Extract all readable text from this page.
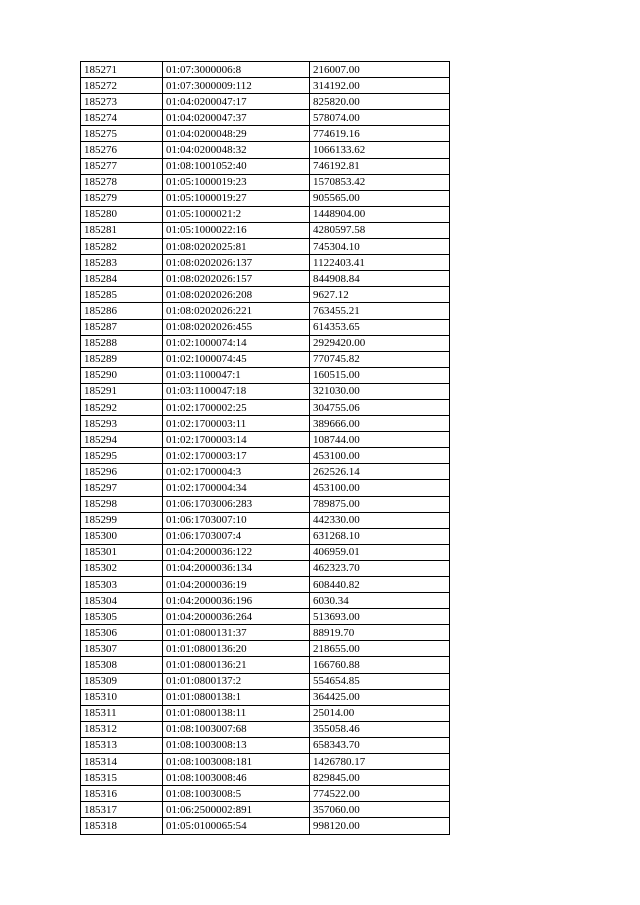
185271	01:07:3000006:8	216007.00
185272	01:07:3000009:112	314192.00
185273	01:04:0200047:17	825820.00
185274	01:04:0200047:37	578074.00
185275	01:04:0200048:29	774619.16
185276	01:04:0200048:32	1066133.62
185277	01:08:1001052:40	746192.81
185278	01:05:1000019:23	1570853.42
185279	01:05:1000019:27	905565.00
185280	01:05:1000021:2	1448904.00
185281	01:05:1000022:16	4280597.58
185282	01:08:0202025:81	745304.10
185283	01:08:0202026:137	1122403.41
185284	01:08:0202026:157	844908.84
185285	01:08:0202026:208	9627.12
185286	01:08:0202026:221	763455.21
185287	01:08:0202026:455	614353.65
185288	01:02:1000074:14	2929420.00
185289	01:02:1000074:45	770745.82
185290	01:03:1100047:1	160515.00
185291	01:03:1100047:18	321030.00
185292	01:02:1700002:25	304755.06
185293	01:02:1700003:11	389666.00
185294	01:02:1700003:14	108744.00
185295	01:02:1700003:17	453100.00
185296	01:02:1700004:3	262526.14
185297	01:02:1700004:34	453100.00
185298	01:06:1703006:283	789875.00
185299	01:06:1703007:10	442330.00
185300	01:06:1703007:4	631268.10
185301	01:04:2000036:122	406959.01
185302	01:04:2000036:134	462323.70
185303	01:04:2000036:19	608440.82
185304	01:04:2000036:196	6030.34
185305	01:04:2000036:264	513693.00
185306	01:01:0800131:37	88919.70
185307	01:01:0800136:20	218655.00
185308	01:01:0800136:21	166760.88
185309	01:01:0800137:2	554654.85
185310	01:01:0800138:1	364425.00
185311	01:01:0800138:11	25014.00
185312	01:08:1003007:68	355058.46
185313	01:08:1003008:13	658343.70
185314	01:08:1003008:181	1426780.17
185315	01:08:1003008:46	829845.00
185316	01:08:1003008:5	774522.00
185317	01:06:2500002:891	357060.00
185318	01:05:0100065:54	998120.00
